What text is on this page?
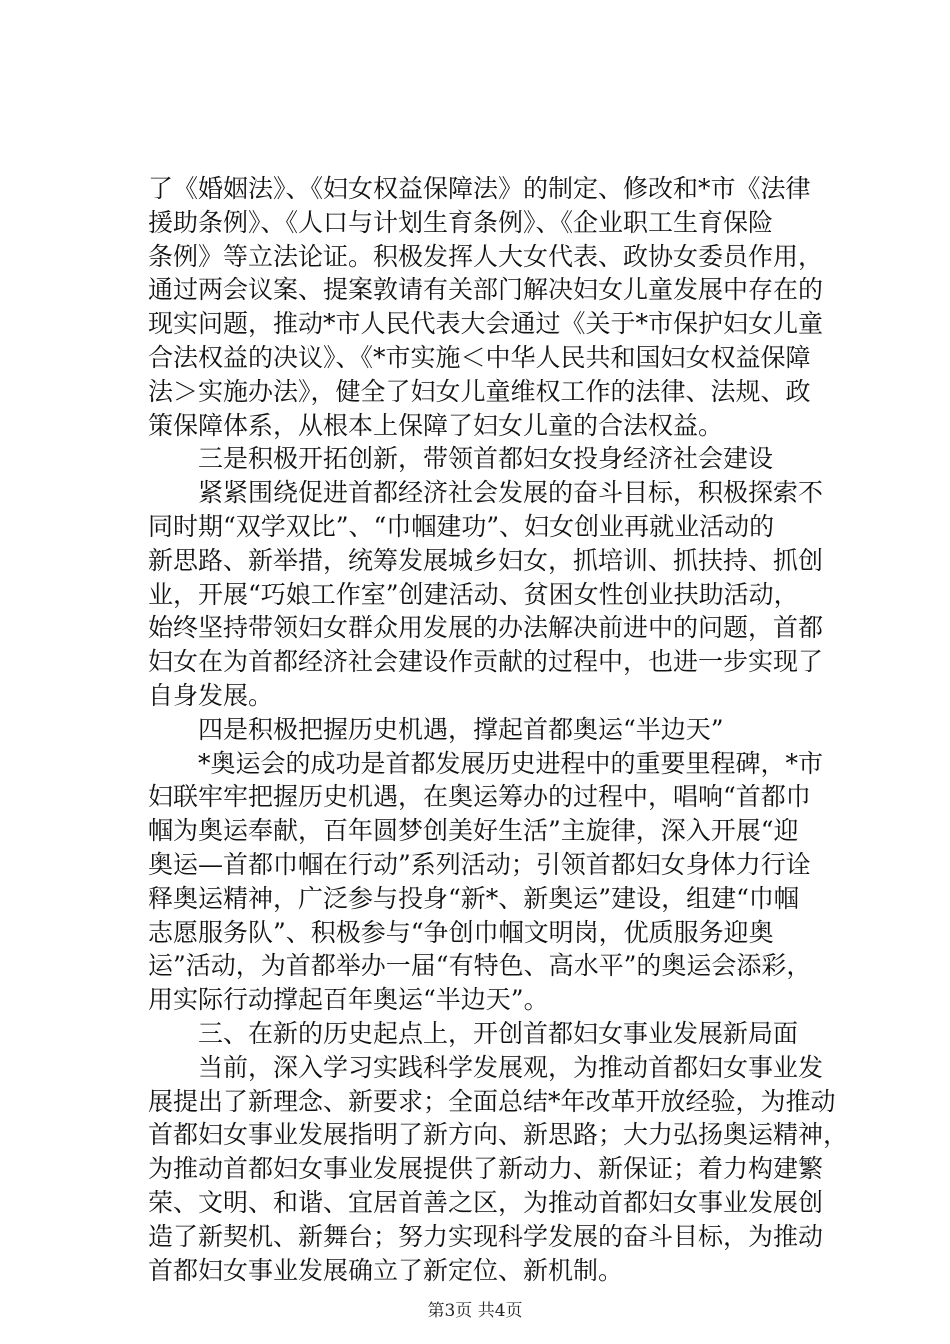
了《婚姻法》、《妇女权益保障法》的制定、修改和*市《法律
援助条例》、《人口与计划生育条例》、《企业职工生育保险
条例》等立法论证。积极发挥人大女代表、政协女委员作用，
通过两会议案、提案敦请有关部门解决妇女儿童发展中存在的
现实问题，推动*市人民代表大会通过《关于*市保护妇女儿童
合法权益的决议》、《*市实施＜中华人民共和国妇女权益保障
法＞实施办法》，健全了妇女儿童维权工作的法律、法规、政
策保障体系，从根本上保障了妇女儿童的合法权益。
三是积极开拓创新，带领首都妇女投身经济社会建设
紧紧围绕促进首都经济社会发展的奋斗目标，积极探索不
同时期“双学双比”、“巾帼建功”、妇女创业再就业活动的
新思路、新举措，统筹发展城乡妇女，抓培训、抓扶持、抓创
业，开展“巧娘工作室”创建活动、贫困女性创业扶助活动，
始终坚持带领妇女群众用发展的办法解决前进中的问题，首都
妇女在为首都经济社会建设作贡献的过程中，也进一步实现了
自身发展。
四是积极把握历史机遇，撑起首都奥运“半边天”
*奥运会的成功是首都发展历史进程中的重要里程碑，*市
妇联牢牢把握历史机遇，在奥运筹办的过程中，唱响“首都巾
帼为奥运奉献，百年圆梦创美好生活”主旋律，深入开展“迎
奥运—首都巾帼在行动”系列活动；引领首都妇女身体力行诠
释奥运精神，广泛参与投身“新*、新奥运”建设，组建“巾帼
志愿服务队”、积极参与“争创巾帼文明岗，优质服务迎奥
运”活动，为首都举办一届“有特色、高水平”的奥运会添彩，
用实际行动撑起百年奥运“半边天”。
三、在新的历史起点上，开创首都妇女事业发展新局面
当前，深入学习实践科学发展观，为推动首都妇女事业发
展提出了新理念、新要求；全面总结*年改革开放经验，为推动
首都妇女事业发展指明了新方向、新思路；大力弘扬奥运精神，
为推动首都妇女事业发展提供了新动力、新保证；着力构建繁
荣、文明、和谐、宜居首善之区，为推动首都妇女事业发展创
造了新契机、新舞台；努力实现科学发展的奋斗目标，为推动
首都妇女事业发展确立了新定位、新机制。
第3页 共4页
